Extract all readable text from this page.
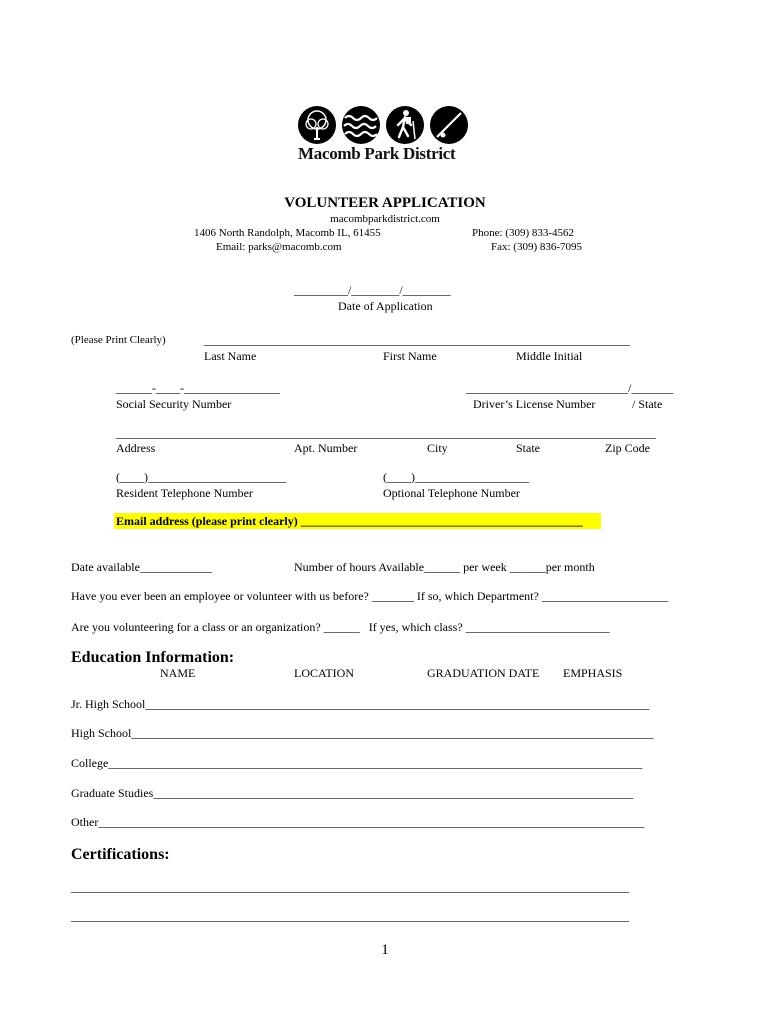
Macomb Park District
VOLUNTEER APPLICATION
macombparkdistrict.com
1406 North Randolph, Macomb IL, 61455
Email: parks@macomb.com
Phone: (309) 833-4562
Fax: (309) 836-7095
_________/________/________
Date of Application
(Please Print Clearly)	_______________________________________________________________________
Last Name	First Name	Middle Initial
______-____-________________
Social Security Number
___________________________/_______
Driver’s License Number	/ State
__________________________________________________________________________________________
Address	Apt. Number	City	State	Zip Code
(____)_______________________
Resident Telephone Number
(____)___________________
Optional Telephone Number
Email address (please print clearly) _______________________________________________
Date available____________	Number of hours Available______ per week ______per month
Have you ever been an employee or volunteer with us before? _______ If so, which Department? _____________________
Are you volunteering for a class or an organization? ______   If yes, which class? ________________________
Education Information:
NAME	LOCATION	GRADUATION DATE EMPHASIS
Jr. High School____________________________________________________________________________________
High School_______________________________________________________________________________________
College_________________________________________________________________________________________
Graduate Studies________________________________________________________________________________
Other___________________________________________________________________________________________
Certifications:
_____________________________________________________________________________________________
_____________________________________________________________________________________________
1
